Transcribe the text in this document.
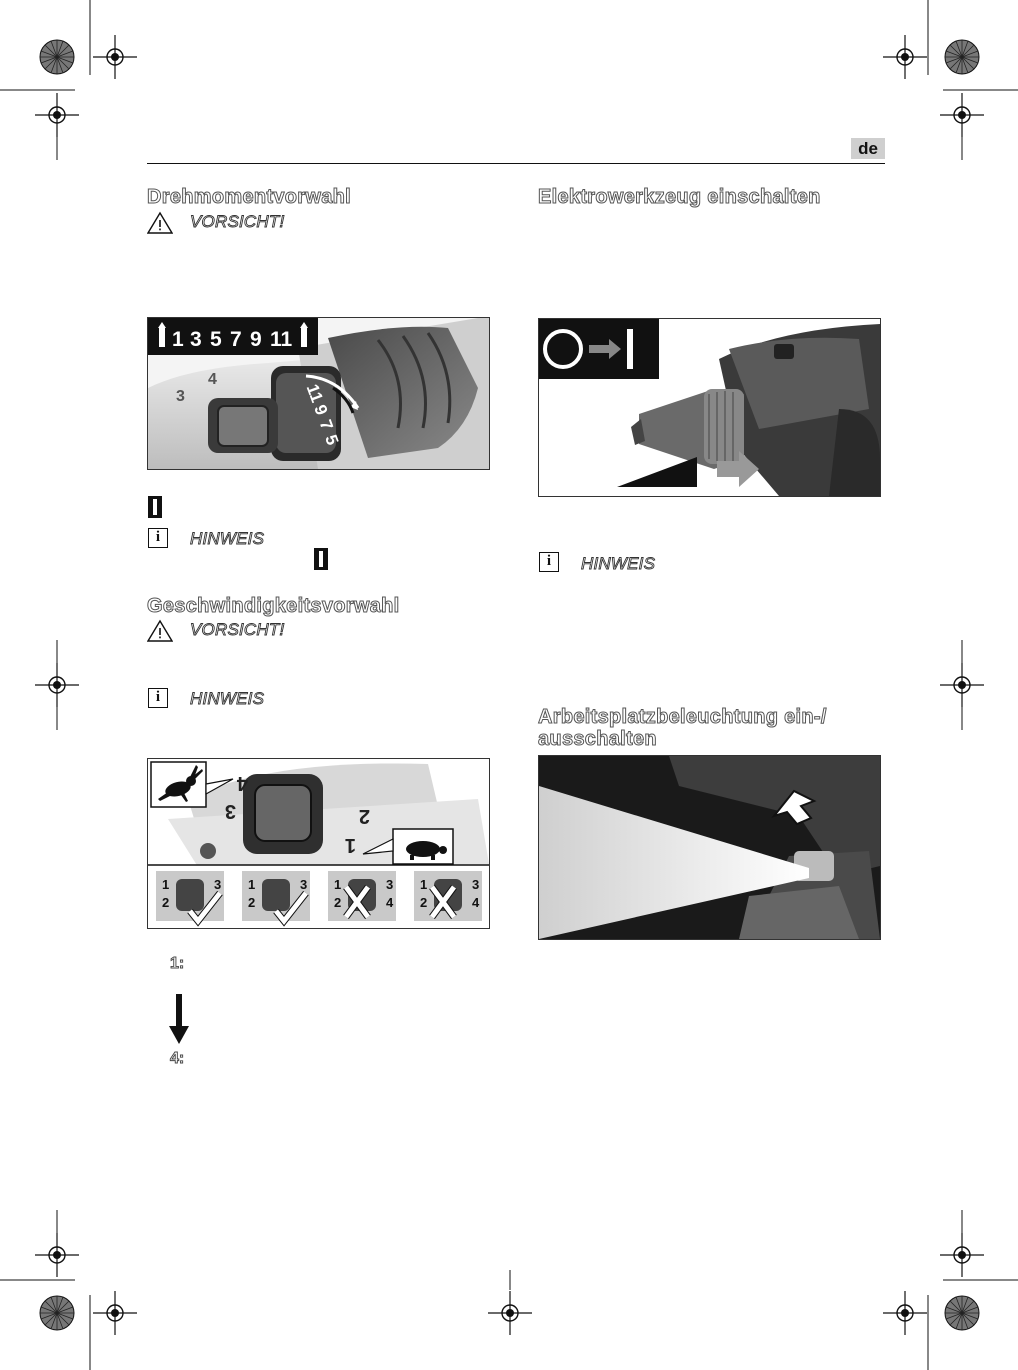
de
Drehmomentvorwahl
VORSICHT!
3
4
11
9
7
5
1 3 5 7 9 11
i	HINWEIS
Geschwindigkeitsvorwahl
VORSICHT!
i	HINWEIS
4
3	2
1
1
2
3 1
2
3 1
2
3
4
1
2
3
4
1:
4:
Elektrowerkzeug einschalten
i	HINWEIS
Arbeitsplatzbeleuchtung ein-/
ausschalten
